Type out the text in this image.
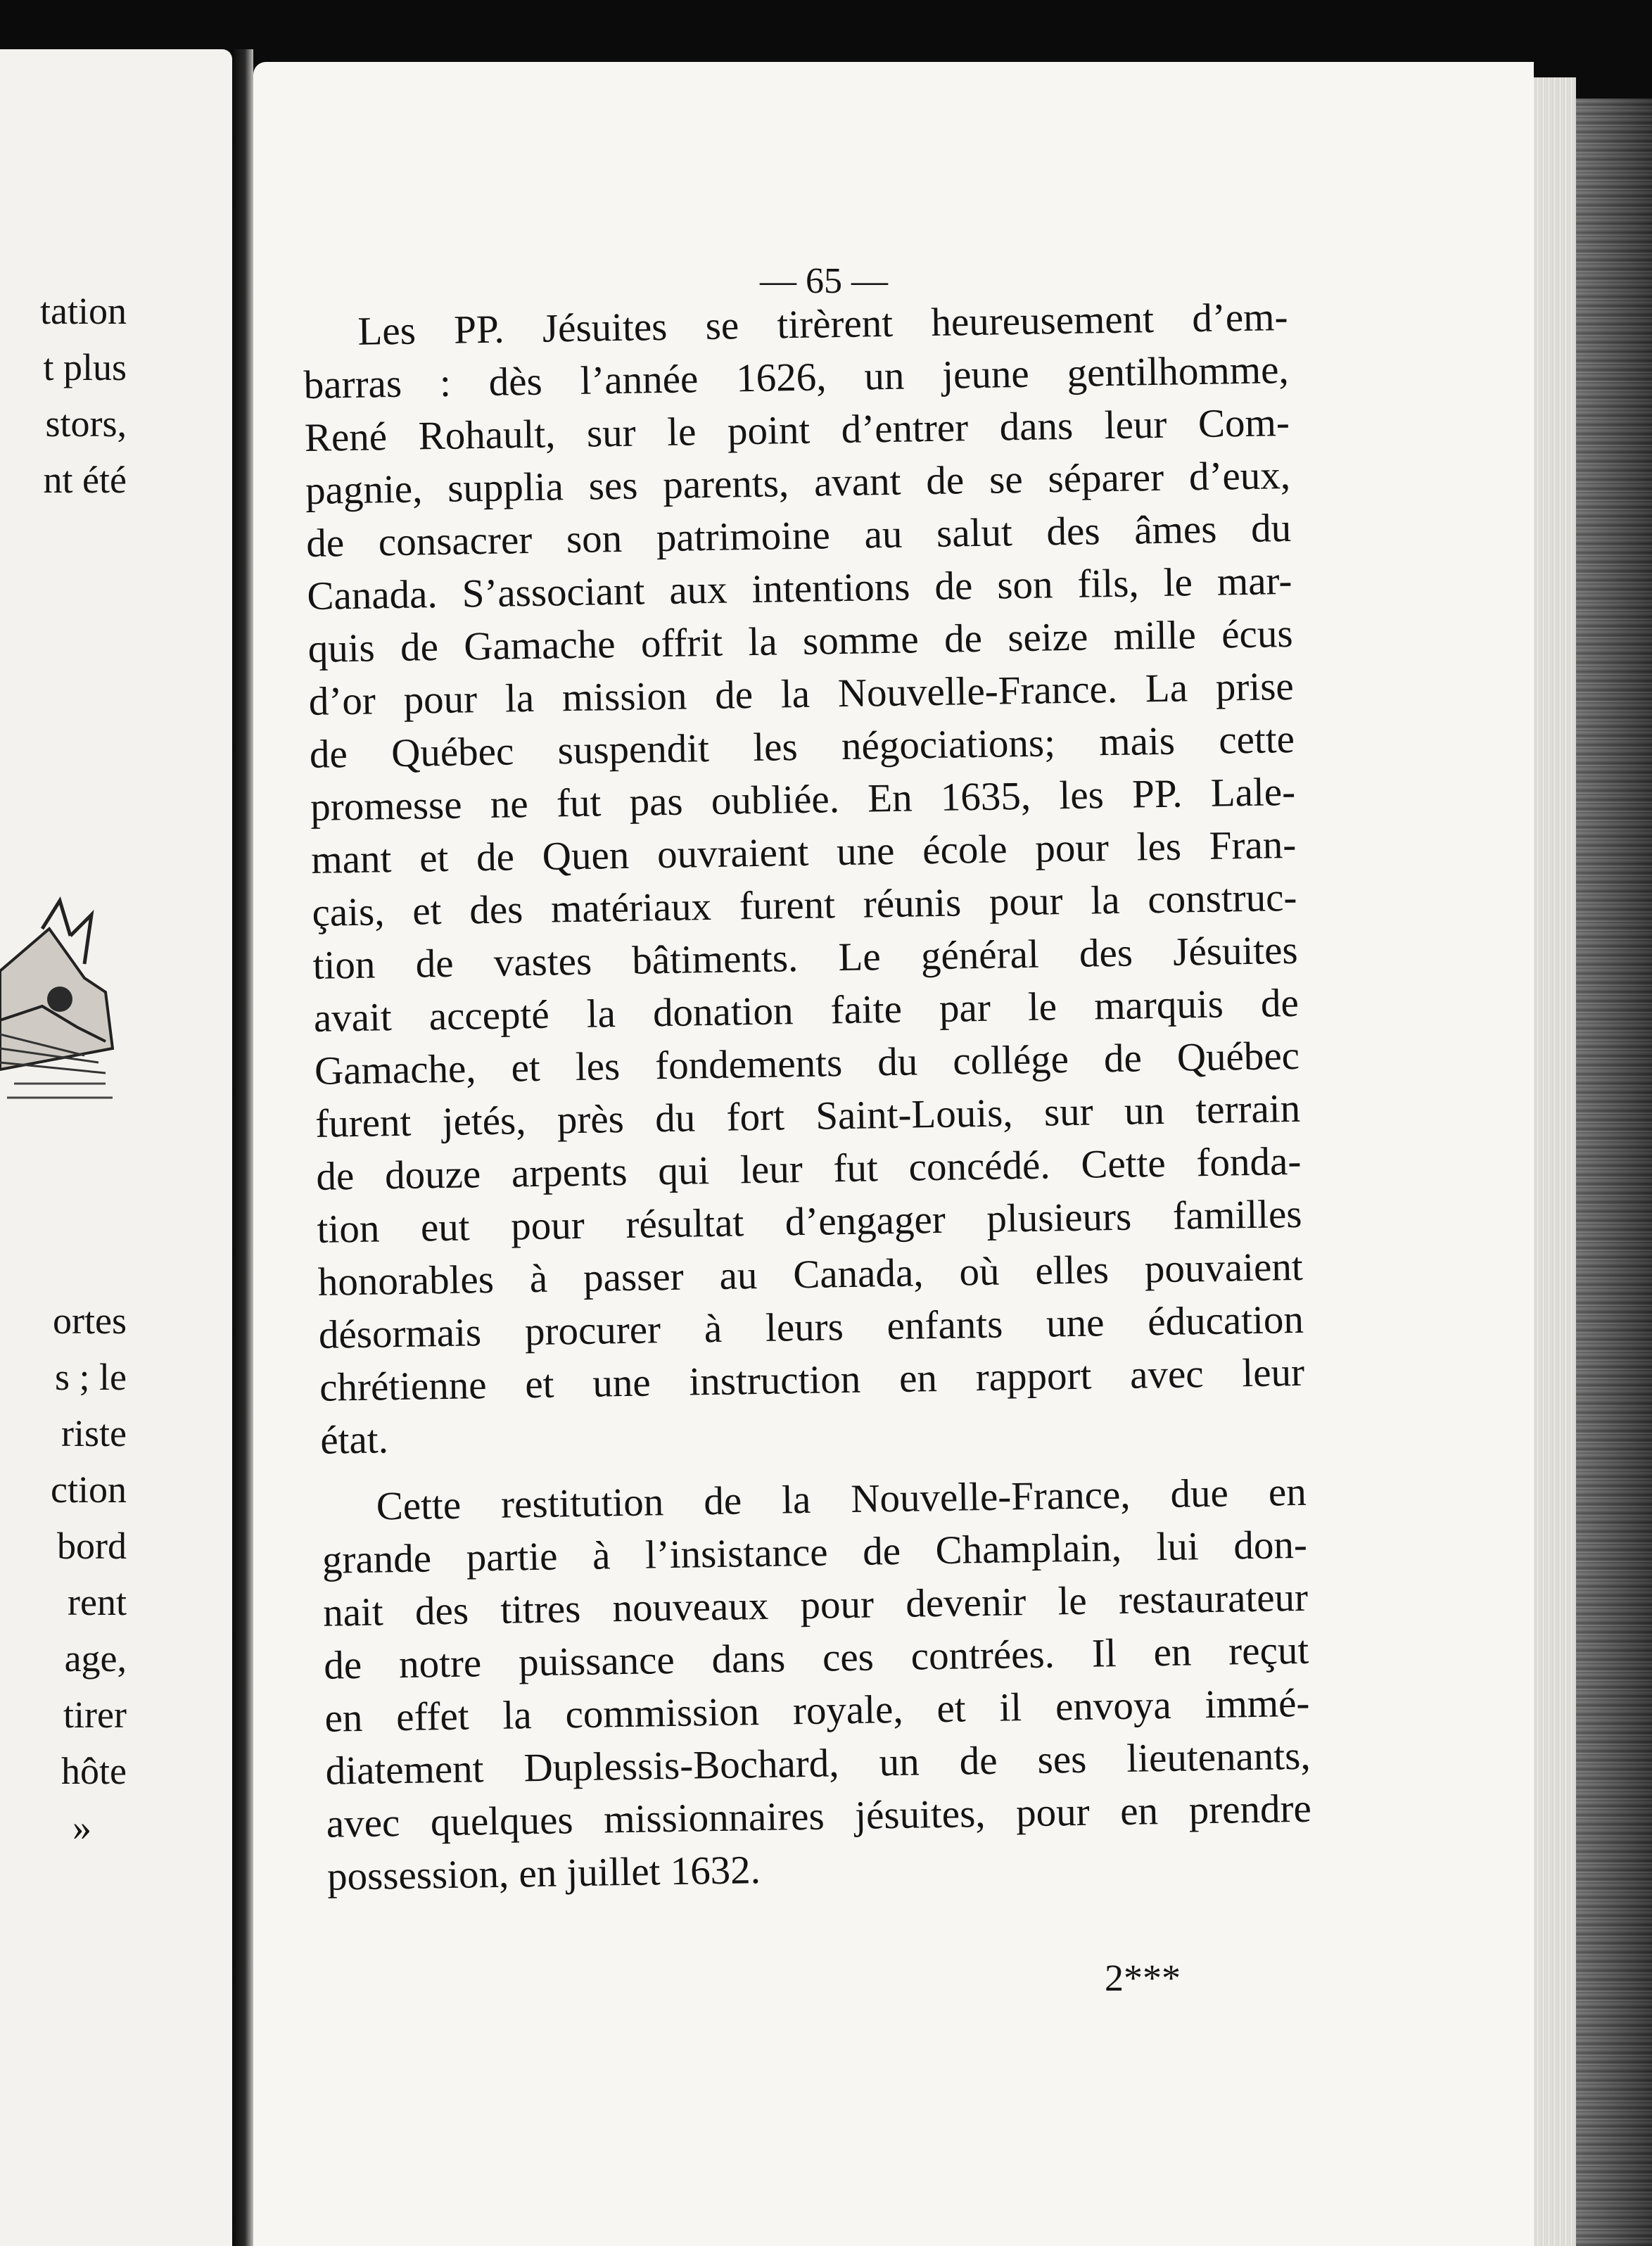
tation
t plus
stors,
nt été
ortes
s ; le
riste
ction
bord
rent
age,
tirer
hôte
»
— 65 —
Les PP. Jésuites se tirèrent heureusement d’em-
barras : dès l’année 1626, un jeune gentilhomme,
René Rohault, sur le point d’entrer dans leur Com-
pagnie, supplia ses parents, avant de se séparer d’eux,
de consacrer son patrimoine au salut des âmes du
Canada. S’associant aux intentions de son fils, le mar-
quis de Gamache offrit la somme de seize mille écus
d’or pour la mission de la Nouvelle-France. La prise
de Québec suspendit les négociations; mais cette
promesse ne fut pas oubliée. En 1635, les PP. Lale-
mant et de Quen ouvraient une école pour les Fran-
çais, et des matériaux furent réunis pour la construc-
tion de vastes bâtiments. Le général des Jésuites
avait accepté la donation faite par le marquis de
Gamache, et les fondements du collége de Québec
furent jetés, près du fort Saint-Louis, sur un terrain
de douze arpents qui leur fut concédé. Cette fonda-
tion eut pour résultat d’engager plusieurs familles
honorables à passer au Canada, où elles pouvaient
désormais procurer à leurs enfants une éducation
chrétienne et une instruction en rapport avec leur
état.
Cette restitution de la Nouvelle-France, due en
grande partie à l’insistance de Champlain, lui don-
nait des titres nouveaux pour devenir le restaurateur
de notre puissance dans ces contrées. Il en reçut
en effet la commission royale, et il envoya immé-
diatement Duplessis-Bochard, un de ses lieutenants,
avec quelques missionnaires jésuites, pour en prendre
possession, en juillet 1632.
2***
